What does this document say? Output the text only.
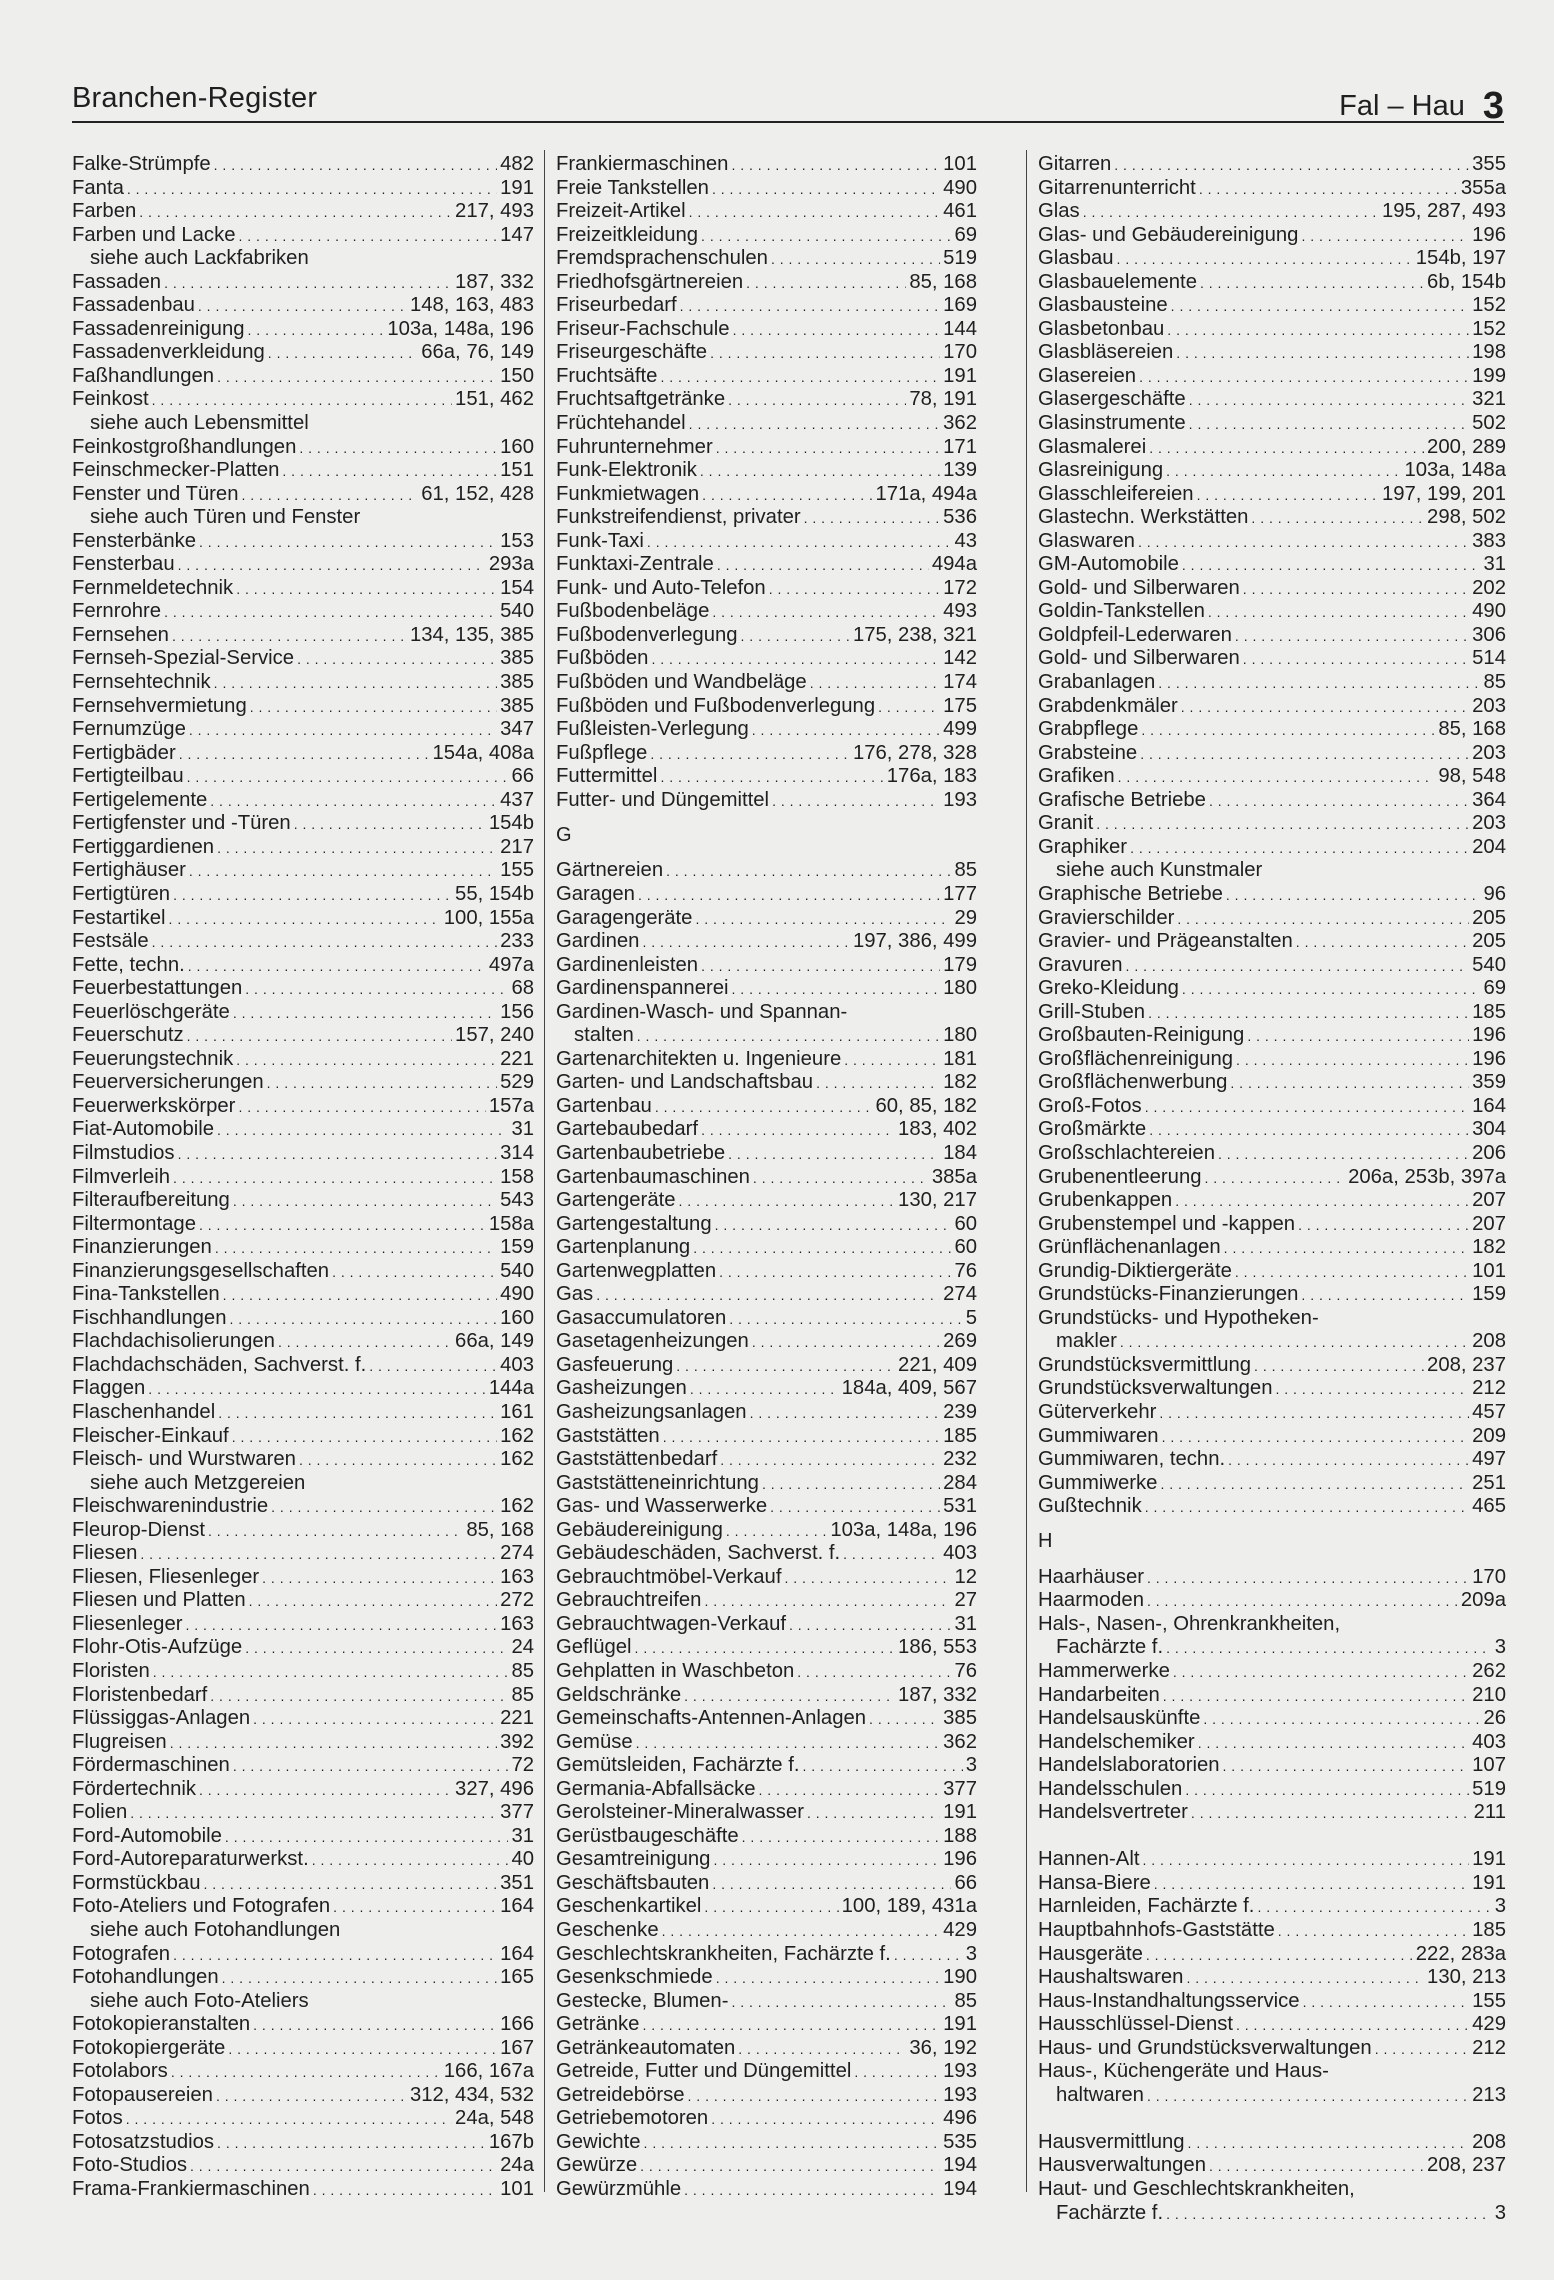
Branchen-Register	Fal – Hau 3
Falke-Strümpfe . . .	482
Fanta . . .	191
Farben . . .	217, 493
Farben und Lacke . . .	147
siehe auch Lackfabriken
Fassaden . . .	187, 332
Fassadenbau . . .	148, 163, 483
Fassadenreinigung . . .	103a, 148a, 196
Fassadenverkleidung . . .	66a, 76, 149
Faßhandlungen . . .	150
Feinkost . . .	151, 462
siehe auch Lebensmittel
Feinkostgroßhandlungen . . .	160
Feinschmecker-Platten . . .	151
Fenster und Türen . . .	61, 152, 428
siehe auch Türen und Fenster
Fensterbänke . . .	153
Fensterbau . . .	293a
Fernmeldetechnik . . .	154
Fernrohre . . .	540
Fernsehen . . .	134, 135, 385
Fernseh-Spezial-Service . . .	385
Fernsehtechnik . . .	385
Fernsehvermietung . . .	385
Fernumzüge . . .	347
Fertigbäder . . .	154a, 408a
Fertigteilbau . . .	66
Fertigelemente . . .	437
Fertigfenster und -Türen . . .	154b
Fertiggardienen . . .	217
Fertighäuser . . .	155
Fertigtüren . . .	55, 154b
Festartikel . . .	100, 155a
Festsäle . . .	233
Fette, techn. . . .	497a
Feuerbestattungen . . .	68
Feuerlöschgeräte . . .	156
Feuerschutz . . .	157, 240
Feuerungstechnik . . .	221
Feuerversicherungen . . .	529
Feuerwerkskörper . . .	157a
Fiat-Automobile . . .	31
Filmstudios . . .	314
Filmverleih . . .	158
Filteraufbereitung . . .	543
Filtermontage . . .	158a
Finanzierungen . . .	159
Finanzierungsgesellschaften . . .	540
Fina-Tankstellen . . .	490
Fischhandlungen . . .	160
Flachdachisolierungen . . .	66a, 149
Flachdachschäden, Sachverst. f. . . .	403
Flaggen . . .	144a
Flaschenhandel . . .	161
Fleischer-Einkauf . . .	162
Fleisch- und Wurstwaren . . .	162
siehe auch Metzgereien
Fleischwarenindustrie . . .	162
Fleurop-Dienst . . .	85, 168
Fliesen . . .	274
Fliesen, Fliesenleger . . .	163
Fliesen und Platten . . .	272
Fliesenleger . . .	163
Flohr-Otis-Aufzüge . . .	24
Floristen . . .	85
Floristenbedarf . . .	85
Flüssiggas-Anlagen . . .	221
Flugreisen . . .	392
Fördermaschinen . . .	72
Fördertechnik . . .	327, 496
Folien . . .	377
Ford-Automobile . . .	31
Ford-Autoreparaturwerkst. . . .	40
Formstückbau . . .	351
Foto-Ateliers und Fotografen . . .	164
siehe auch Fotohandlungen
Fotografen . . .	164
Fotohandlungen . . .	165
siehe auch Foto-Ateliers
Fotokopieranstalten . . .	166
Fotokopiergeräte . . .	167
Fotolabors . . .	166, 167a
Fotopausereien . . .	312, 434, 532
Fotos . . .	24a, 548
Fotosatzstudios . . .	167b
Foto-Studios . . .	24a
Frama-Frankiermaschinen . . .	101
Frankiermaschinen . . .	101
Freie Tankstellen . . .	490
Freizeit-Artikel . . .	461
Freizeitkleidung . . .	69
Fremdsprachenschulen . . .	519
Friedhofsgärtnereien . . .	85, 168
Friseurbedarf . . .	169
Friseur-Fachschule . . .	144
Friseurgeschäfte . . .	170
Fruchtsäfte . . .	191
Fruchtsaftgetränke . . .	78, 191
Früchtehandel . . .	362
Fuhrunternehmer . . .	171
Funk-Elektronik . . .	139
Funkmietwagen . . .	171a, 494a
Funkstreifendienst, privater . . .	536
Funk-Taxi . . .	43
Funktaxi-Zentrale . . .	494a
Funk- und Auto-Telefon . . .	172
Fußbodenbeläge . . .	493
Fußbodenverlegung . . .	175, 238, 321
Fußböden . . .	142
Fußböden und Wandbeläge . . .	174
Fußböden und Fußbodenverlegung . . .	175
Fußleisten-Verlegung . . .	499
Fußpflege . . .	176, 278, 328
Futtermittel . . .	176a, 183
Futter- und Düngemittel . . .	193
G
Gärtnereien . . .	85
Garagen . . .	177
Garagengeräte . . .	29
Gardinen . . .	197, 386, 499
Gardinenleisten . . .	179
Gardinenspannerei . . .	180
Gardinen-Wasch- und Spannan-
stalten . . .	180
Gartenarchitekten u. Ingenieure . . .	181
Garten- und Landschaftsbau . . .	182
Gartenbau . . .	60, 85, 182
Gartebaubedarf . . .	183, 402
Gartenbaubetriebe . . .	184
Gartenbaumaschinen . . .	385a
Gartengeräte . . .	130, 217
Gartengestaltung . . .	60
Gartenplanung . . .	60
Gartenwegplatten . . .	76
Gas . . .	274
Gasaccumulatoren . . .	5
Gasetagenheizungen . . .	269
Gasfeuerung . . .	221, 409
Gasheizungen . . .	184a, 409, 567
Gasheizungsanlagen . . .	239
Gaststätten . . .	185
Gaststättenbedarf . . .	232
Gaststätteneinrichtung . . .	284
Gas- und Wasserwerke . . .	531
Gebäudereinigung . . .	103a, 148a, 196
Gebäudeschäden, Sachverst. f. . . .	403
Gebrauchtmöbel-Verkauf . . .	12
Gebrauchtreifen . . .	27
Gebrauchtwagen-Verkauf . . .	31
Geflügel . . .	186, 553
Gehplatten in Waschbeton . . .	76
Geldschränke . . .	187, 332
Gemeinschafts-Antennen-Anlagen . . .	385
Gemüse . . .	362
Gemütsleiden, Fachärzte f. . . .	3
Germania-Abfallsäcke . . .	377
Gerolsteiner-Mineralwasser . . .	191
Gerüstbaugeschäfte . . .	188
Gesamtreinigung . . .	196
Geschäftsbauten . . .	66
Geschenkartikel . . .	100, 189, 431a
Geschenke . . .	429
Geschlechtskrankheiten, Fachärzte f. . . .	3
Gesenkschmiede . . .	190
Gestecke, Blumen- . . .	85
Getränke . . .	191
Getränkeautomaten . . .	36, 192
Getreide, Futter und Düngemittel . . .	193
Getreidebörse . . .	193
Getriebemotoren . . .	496
Gewichte . . .	535
Gewürze . . .	194
Gewürzmühle . . .	194
Gitarren . . .	355
Gitarrenunterricht . . .	355a
Glas . . .	195, 287, 493
Glas- und Gebäudereinigung . . .	196
Glasbau . . .	154b, 197
Glasbauelemente . . .	6b, 154b
Glasbausteine . . .	152
Glasbetonbau . . .	152
Glasbläsereien . . .	198
Glasereien . . .	199
Glasergeschäfte . . .	321
Glasinstrumente . . .	502
Glasmalerei . . .	200, 289
Glasreinigung . . .	103a, 148a
Glasschleifereien . . .	197, 199, 201
Glastechn. Werkstätten . . .	298, 502
Glaswaren . . .	383
GM-Automobile . . .	31
Gold- und Silberwaren . . .	202
Goldin-Tankstellen . . .	490
Goldpfeil-Lederwaren . . .	306
Gold- und Silberwaren . . .	514
Grabanlagen . . .	85
Grabdenkmäler . . .	203
Grabpflege . . .	85, 168
Grabsteine . . .	203
Grafiken . . .	98, 548
Grafische Betriebe . . .	364
Granit . . .	203
Graphiker . . .	204
siehe auch Kunstmaler
Graphische Betriebe . . .	96
Gravierschilder . . .	205
Gravier- und Prägeanstalten . . .	205
Gravuren . . .	540
Greko-Kleidung . . .	69
Grill-Stuben . . .	185
Großbauten-Reinigung . . .	196
Großflächenreinigung . . .	196
Großflächenwerbung . . .	359
Groß-Fotos . . .	164
Großmärkte . . .	304
Großschlachtereien . . .	206
Grubenentleerung . . .	206a, 253b, 397a
Grubenkappen . . .	207
Grubenstempel und -kappen . . .	207
Grünflächenanlagen . . .	182
Grundig-Diktiergeräte . . .	101
Grundstücks-Finanzierungen . . .	159
Grundstücks- und Hypotheken-
makler . . .	208
Grundstücksvermittlung . . .	208, 237
Grundstücksverwaltungen . . .	212
Güterverkehr . . .	457
Gummiwaren . . .	209
Gummiwaren, techn. . . .	497
Gummiwerke . . .	251
Gußtechnik . . .	465
H
Haarhäuser . . .	170
Haarmoden . . .	209a
Hals-, Nasen-, Ohrenkrankheiten,
Fachärzte f. . . .	3
Hammerwerke . . .	262
Handarbeiten . . .	210
Handelsauskünfte . . .	26
Handelschemiker . . .	403
Handelslaboratorien . . .	107
Handelsschulen . . .	519
Handelsvertreter . . .	211
Hannen-Alt . . .	191
Hansa-Biere . . .	191
Harnleiden, Fachärzte f. . . .	3
Hauptbahnhofs-Gaststätte . . .	185
Hausgeräte . . .	222, 283a
Haushaltswaren . . .	130, 213
Haus-Instandhaltungsservice . . .	155
Hausschlüssel-Dienst . . .	429
Haus- und Grundstücksverwaltungen . . .	212
Haus-, Küchengeräte und Haus-
haltwaren . . .	213
Hausvermittlung . . .	208
Hausverwaltungen . . .	208, 237
Haut- und Geschlechtskrankheiten,
Fachärzte f. . . .	3
